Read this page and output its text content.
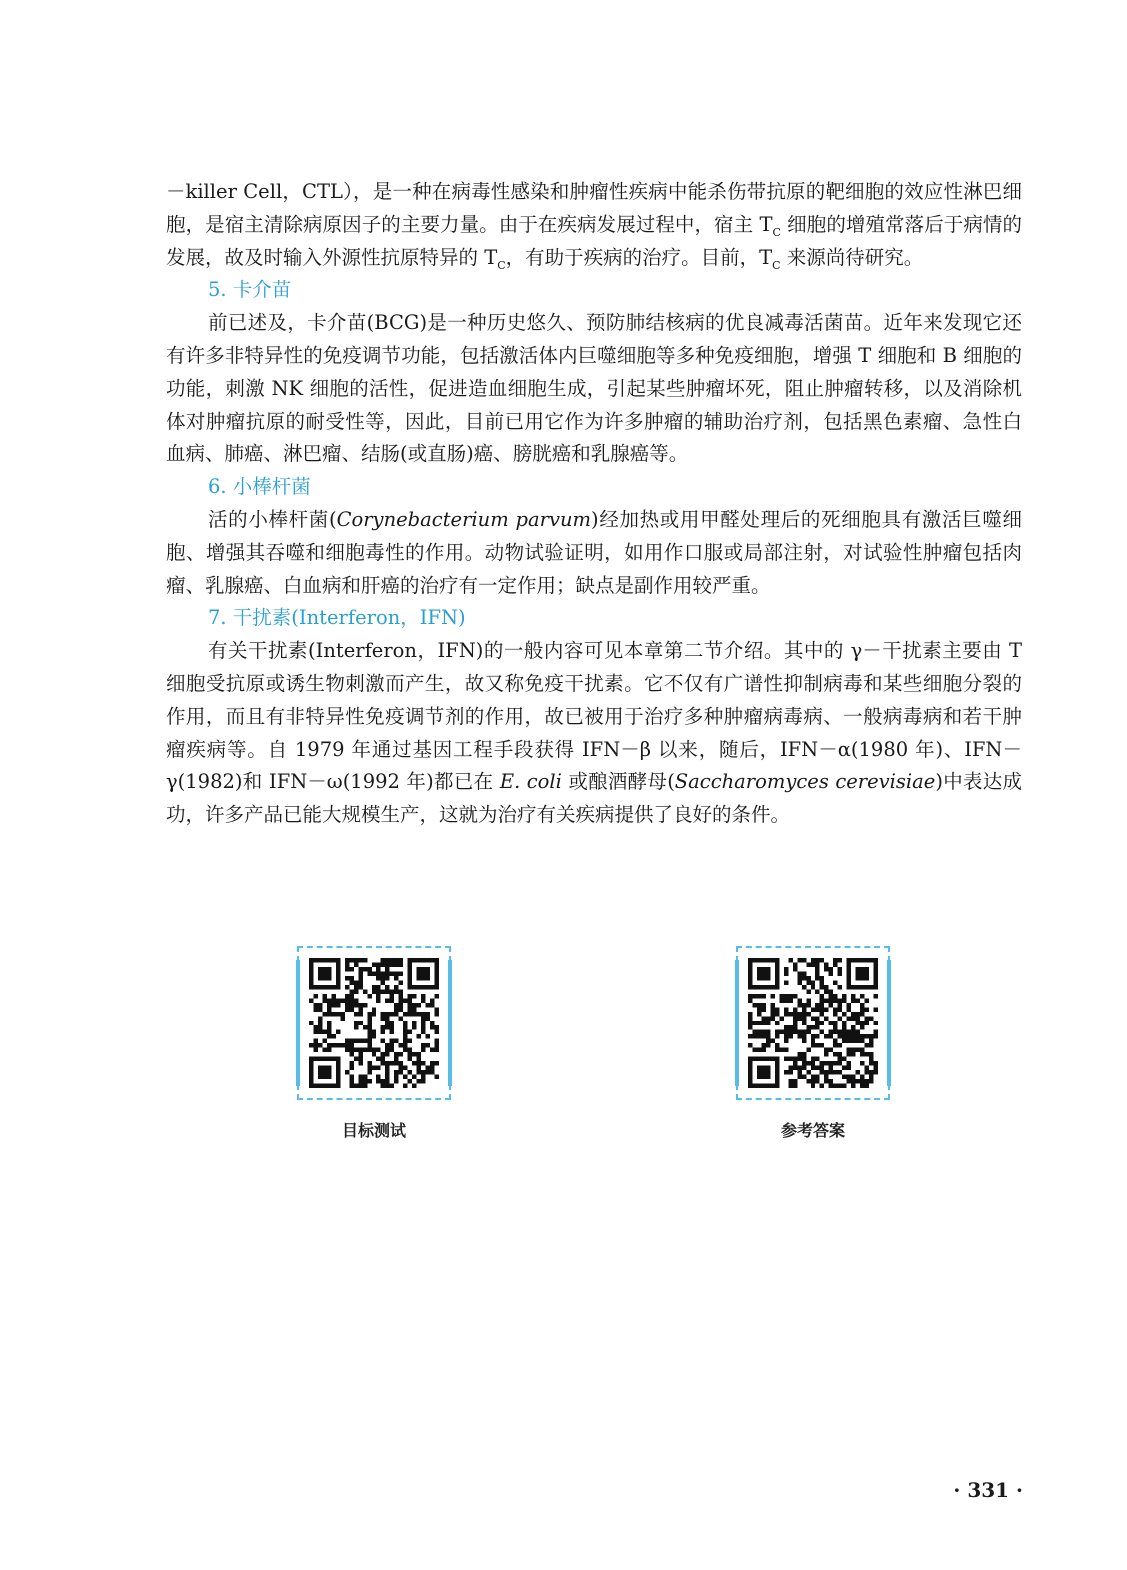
－killer Cell，CTL），是一种在病毒性感染和肿瘤性疾病中能杀伤带抗原的靶细胞的效应性淋巴细胞，是宿主清除病原因子的主要力量。由于在疾病发展过程中，宿主 $T_C$ 细胞的增殖常落后于病情的发展，故及时输入外源性抗原特异的 $T_C$，有助于疾病的治疗。目前，$T_C$ 来源尚待研究。

5. 卡介苗

前已述及，卡介苗(BCG)是一种历史悠久、预防肺结核病的优良减毒活菌苗。近年来发现它还有许多非特异性的免疫调节功能，包括激活体内巨噬细胞等多种免疫细胞，增强 T 细胞和 B 细胞的功能，刺激 NK 细胞的活性，促进造血细胞生成，引起某些肿瘤坏死，阻止肿瘤转移，以及消除机体对肿瘤抗原的耐受性等，因此，目前已用它作为许多肿瘤的辅助治疗剂，包括黑色素瘤、急性白血病、肺癌、淋巴瘤、结肠(或直肠)癌、膀胱癌和乳腺癌等。

6. 小棒杆菌

活的小棒杆菌(Corynebacterium parvum)经加热或用甲醛处理后的死细胞具有激活巨噬细胞、增强其吞噬和细胞毒性的作用。动物试验证明，如用作口服或局部注射，对试验性肿瘤包括肉瘤、乳腺癌、白血病和肝癌的治疗有一定作用；缺点是副作用较严重。

7. 干扰素(Interferon，IFN)

有关干扰素(Interferon，IFN)的一般内容可见本章第二节介绍。其中的 γ－干扰素主要由 T 细胞受抗原或诱生物刺激而产生，故又称免疫干扰素。它不仅有广谱性抑制病毒和某些细胞分裂的作用，而且有非特异性免疫调节剂的作用，故已被用于治疗多种肿瘤病毒病、一般病毒病和若干肿瘤疾病等。自 1979 年通过基因工程手段获得 IFN－β 以来，随后，IFN－α(1980 年)、IFN－γ(1982)和 IFN－ω(1992 年)都已在 E. coli 或酿酒酵母(Saccharomyces cerevisiae)中表达成功，许多产品已能大规模生产，这就为治疗有关疾病提供了良好的条件。

目标测试	参考答案
· 331 ·
